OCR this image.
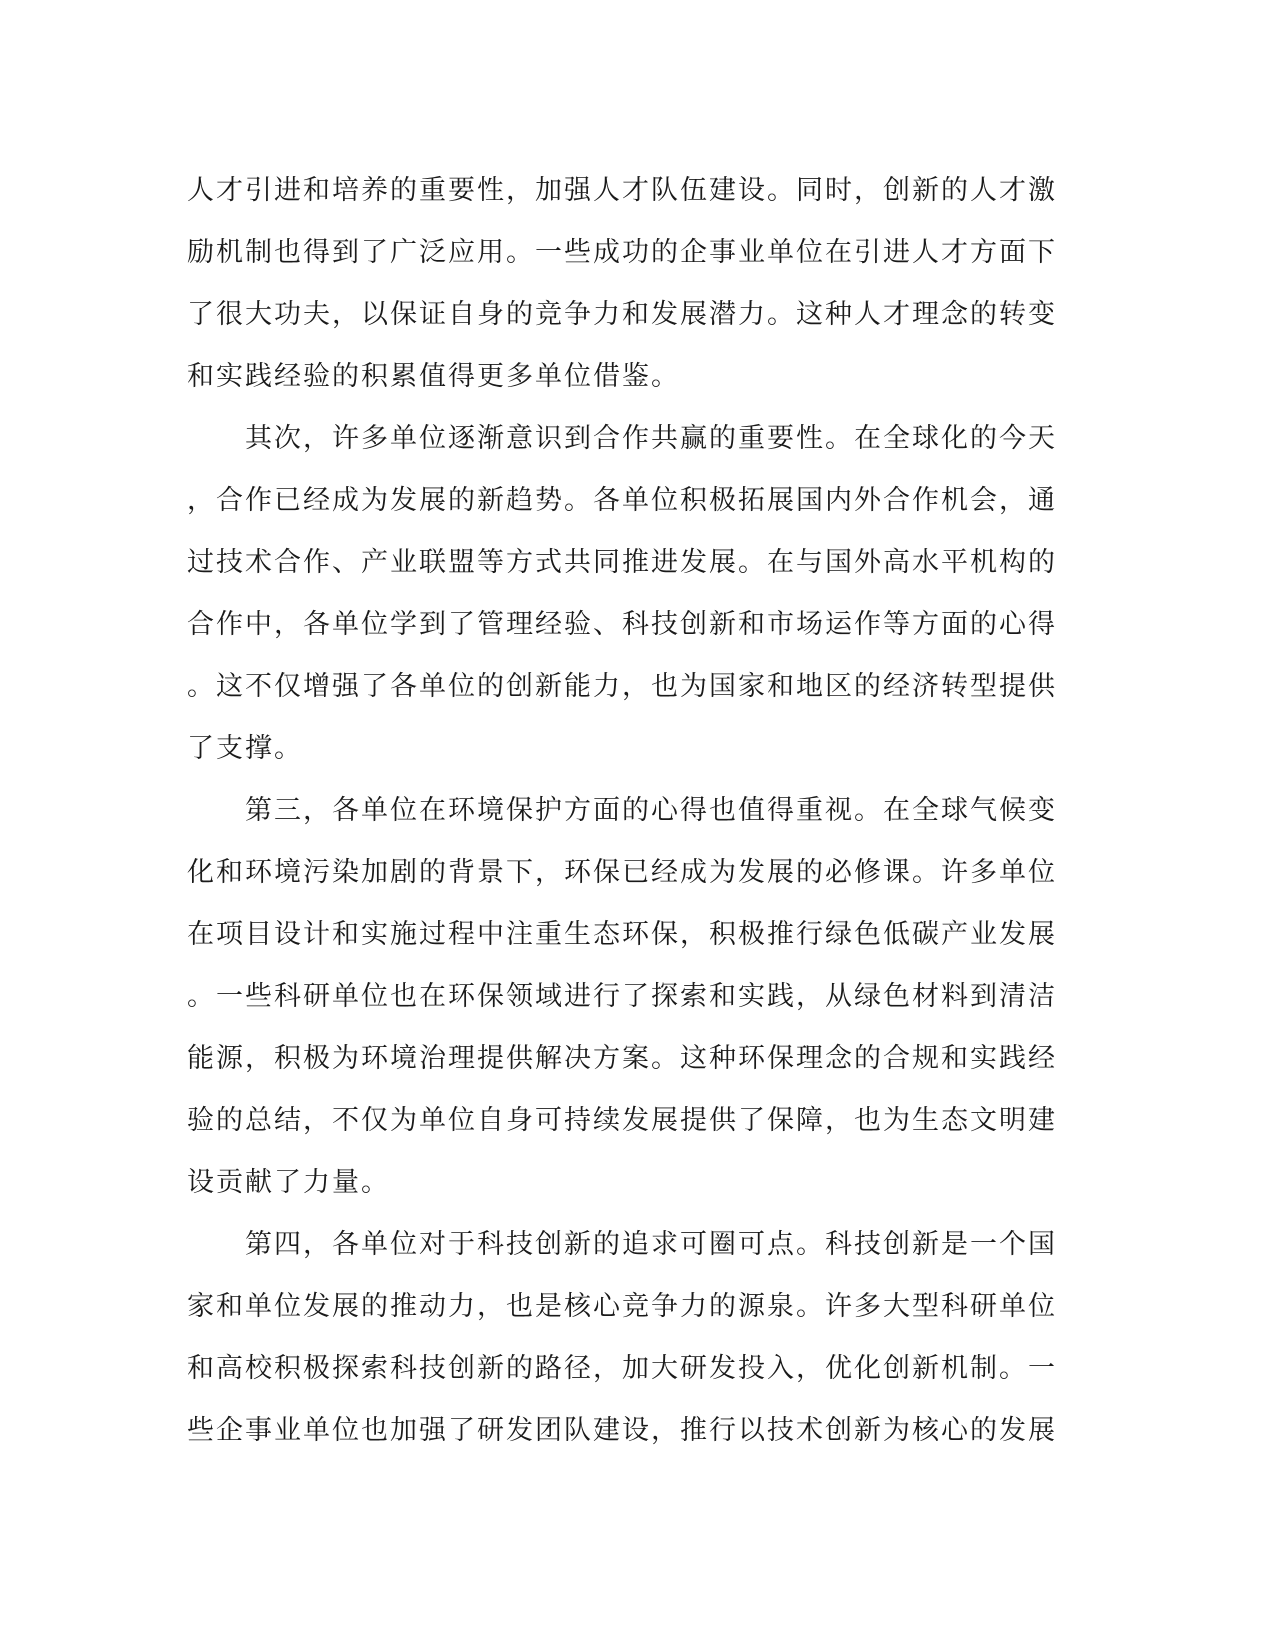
人才引进和培养的重要性，加强人才队伍建设。同时，创新的人才激
励机制也得到了广泛应用。一些成功的企事业单位在引进人才方面下
了很大功夫，以保证自身的竞争力和发展潜力。这种人才理念的转变
和实践经验的积累值得更多单位借鉴。
　　其次，许多单位逐渐意识到合作共赢的重要性。在全球化的今天
，合作已经成为发展的新趋势。各单位积极拓展国内外合作机会，通
过技术合作、产业联盟等方式共同推进发展。在与国外高水平机构的
合作中，各单位学到了管理经验、科技创新和市场运作等方面的心得
。这不仅增强了各单位的创新能力，也为国家和地区的经济转型提供
了支撑。
　　第三，各单位在环境保护方面的心得也值得重视。在全球气候变
化和环境污染加剧的背景下，环保已经成为发展的必修课。许多单位
在项目设计和实施过程中注重生态环保，积极推行绿色低碳产业发展
。一些科研单位也在环保领域进行了探索和实践，从绿色材料到清洁
能源，积极为环境治理提供解决方案。这种环保理念的合规和实践经
验的总结，不仅为单位自身可持续发展提供了保障，也为生态文明建
设贡献了力量。
　　第四，各单位对于科技创新的追求可圈可点。科技创新是一个国
家和单位发展的推动力，也是核心竞争力的源泉。许多大型科研单位
和高校积极探索科技创新的路径，加大研发投入，优化创新机制。一
些企事业单位也加强了研发团队建设，推行以技术创新为核心的发展
